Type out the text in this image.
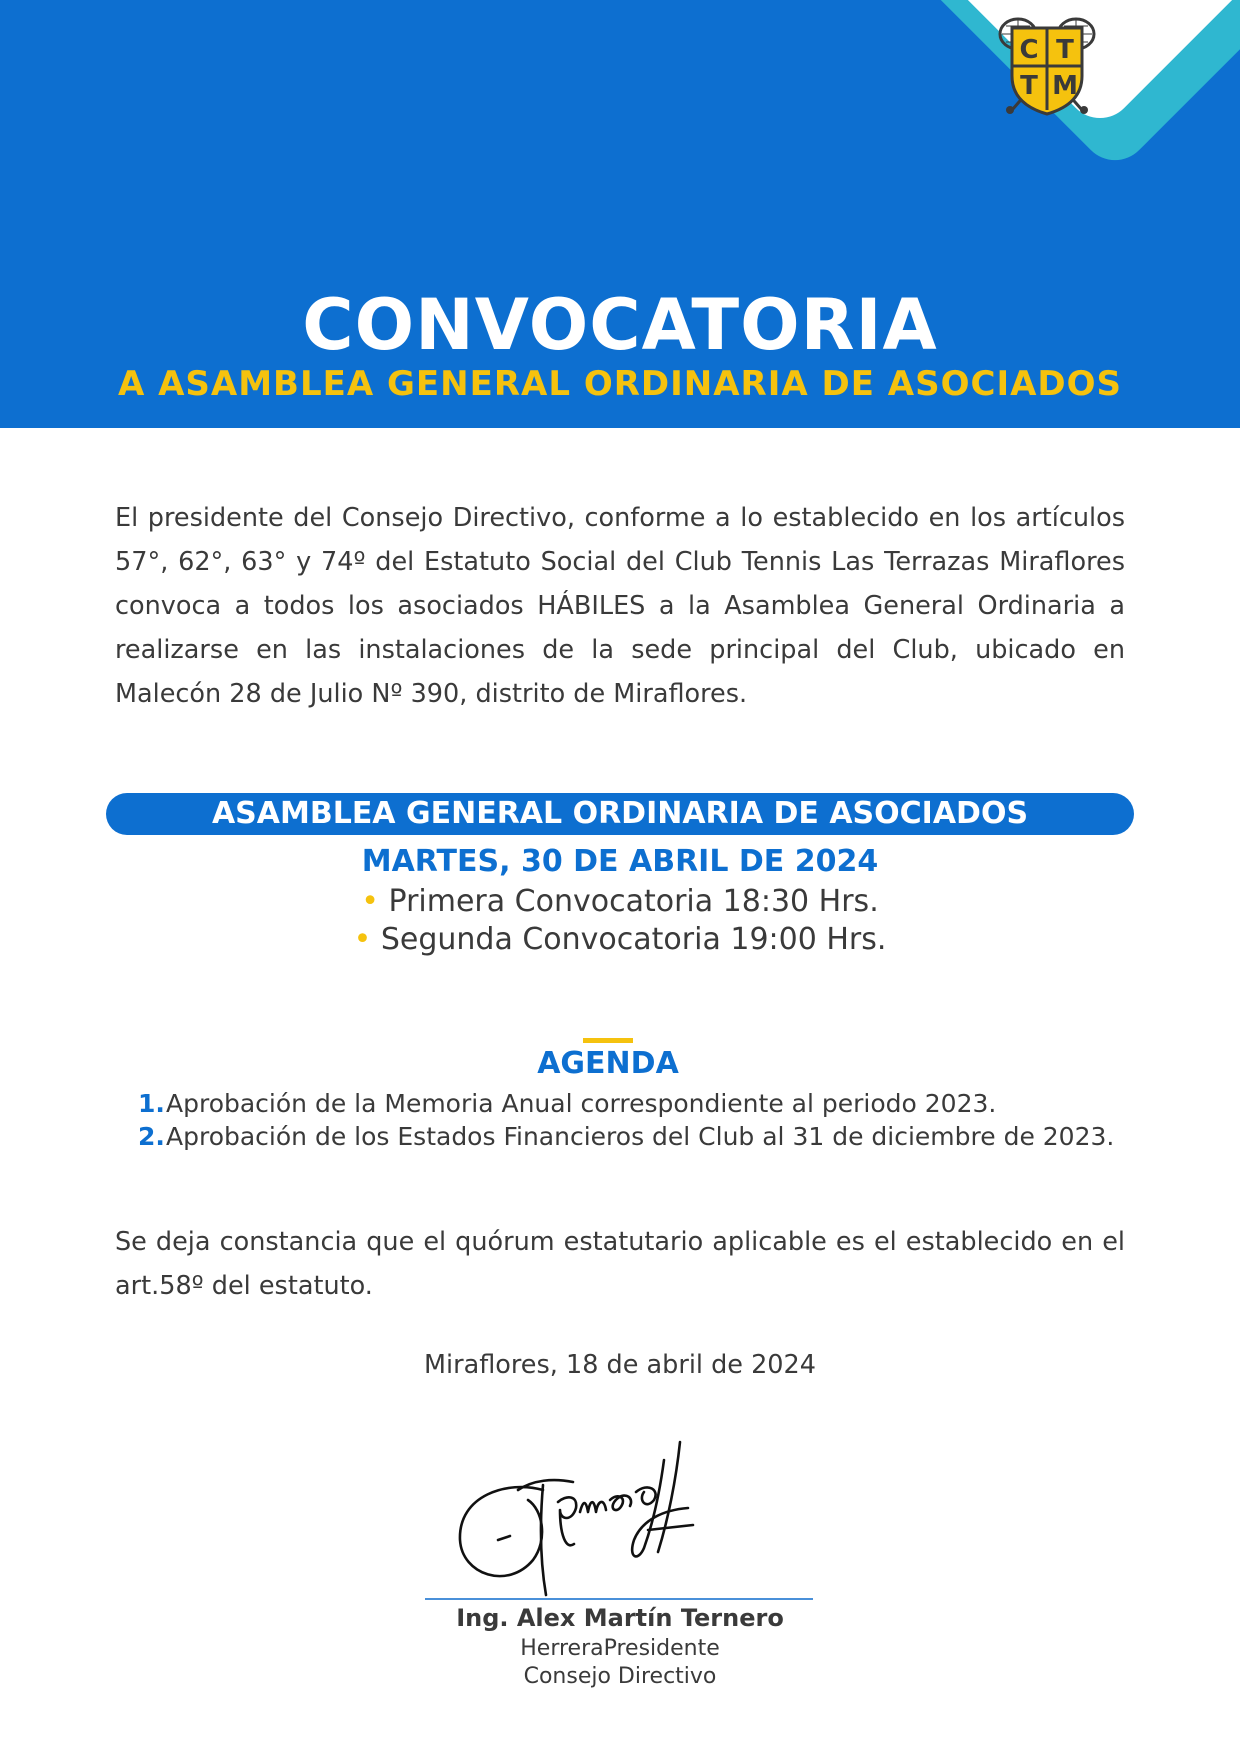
C T
T M
CONVOCATORIA
A ASAMBLEA GENERAL ORDINARIA DE ASOCIADOS

El presidente del Consejo Directivo, conforme a lo establecido en los artículos 57°, 62°, 63° y 74º del Estatuto Social del Club Tennis Las Terrazas Miraflores convoca a todos los asociados HÁBILES a la Asamblea General Ordinaria a realizarse en las instalaciones de la sede principal del Club, ubicado en Malecón 28 de Julio Nº 390, distrito de Miraflores.

ASAMBLEA GENERAL ORDINARIA DE ASOCIADOS

MARTES, 30 DE ABRIL DE 2024

• Primera Convocatoria 18:30 Hrs.

• Segunda Convocatoria 19:00 Hrs.

AGENDA
1.Aprobación de la Memoria Anual correspondiente al periodo 2023.
2.Aprobación de los Estados Financieros del Club al 31 de diciembre de 2023.

Se deja constancia que el quórum estatutario aplicable es el establecido en el art.58º del estatuto.

Miraflores, 18 de abril de 2024

Ing. Alex Martín Ternero

HerreraPresidente

Consejo Directivo
